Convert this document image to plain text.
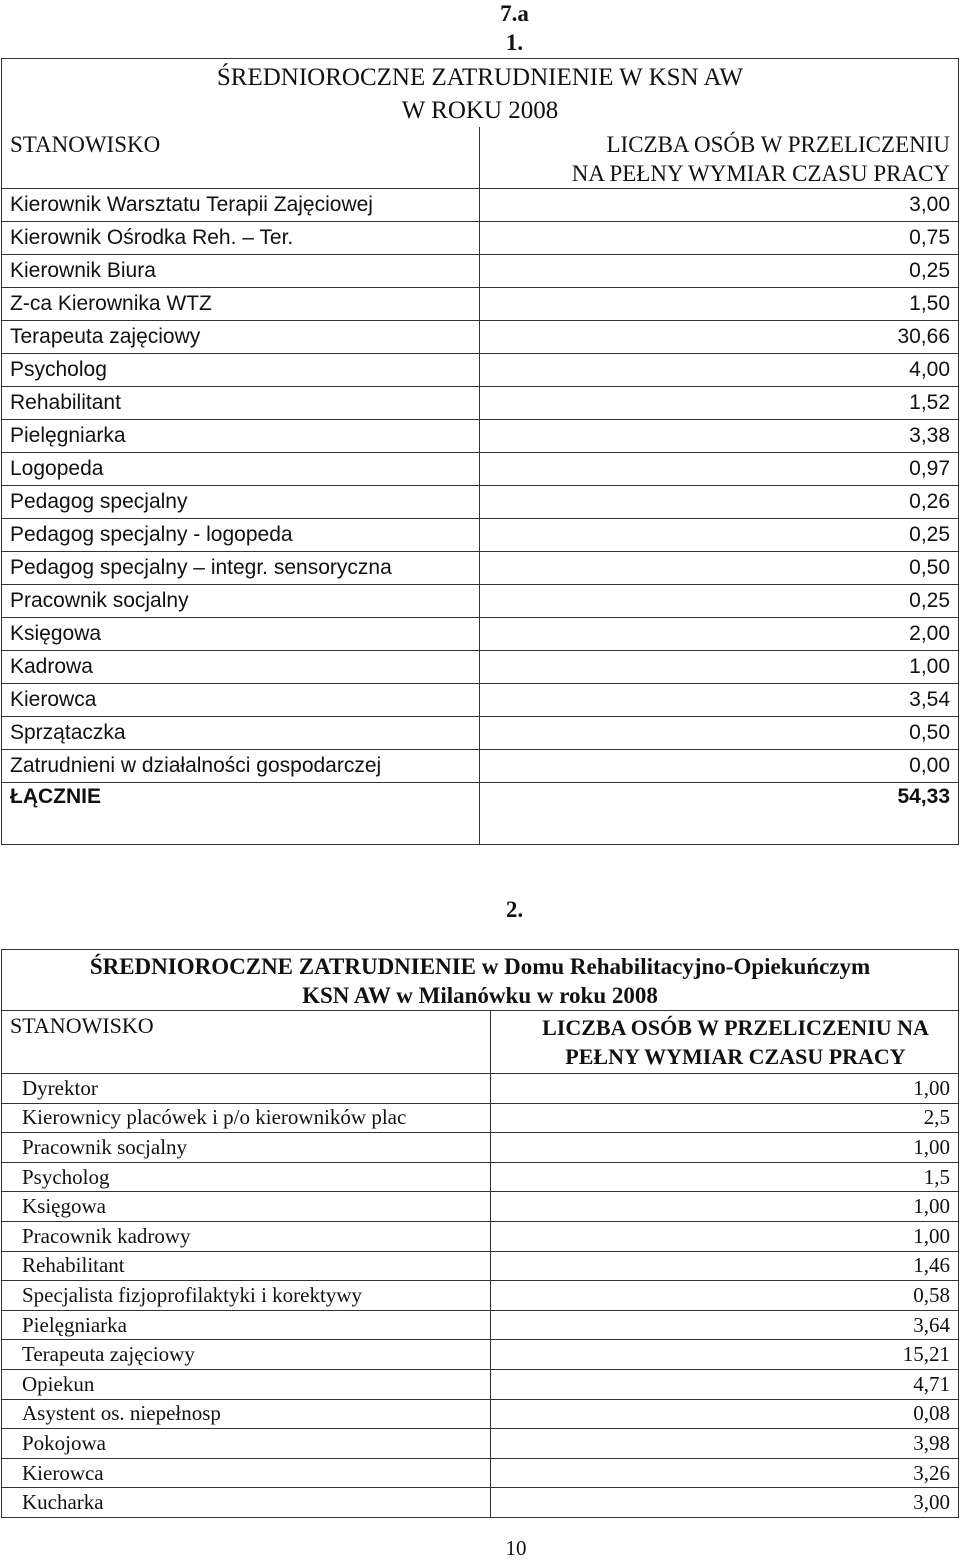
7.a
1.
ŚREDNIOROCZNE ZATRUDNIENIE W KSN AW
W ROKU 2008	

STANOWISKO	LICZBA OSÓB W PRZELICZENIU
NA PEŁNY WYMIAR CZASU PRACY

Kierownik Warsztatu Terapii Zajęciowej	3,00
Kierownik Ośrodka Reh. – Ter.	0,75
Kierownik Biura	0,25
Z-ca Kierownika WTZ	1,50
Terapeuta zajęciowy	30,66
Psycholog	4,00
Rehabilitant	1,52
Pielęgniarka	3,38
Logopeda	0,97
Pedagog specjalny	0,26
Pedagog specjalny - logopeda	0,25
Pedagog specjalny – integr. sensoryczna	0,50
Pracownik socjalny	0,25
Księgowa	2,00
Kadrowa	1,00
Kierowca	3,54
Sprzątaczka	0,50
Zatrudnieni w działalności gospodarczej	0,00
ŁĄCZNIE	54,33
2.
ŚREDNIOROCZNE ZATRUDNIENIE w Domu Rehabilitacyjno-Opiekuńczym
KSN AW w Milanówku w roku 2008	

STANOWISKO	LICZBA OSÓB W PRZELICZENIU NA
PEŁNY WYMIAR CZASU PRACY

Dyrektor	1,00
Kierownicy placówek i p/o kierowników plac	2,5
Pracownik socjalny	1,00
Psycholog	1,5
Księgowa	1,00
Pracownik kadrowy	1,00
Rehabilitant	1,46
Specjalista fizjoprofilaktyki i korektywy	0,58
Pielęgniarka	3,64
Terapeuta zajęciowy	15,21
Opiekun	4,71
Asystent os. niepełnosp	0,08
Pokojowa	3,98
Kierowca	3,26
Kucharka	3,00
10
